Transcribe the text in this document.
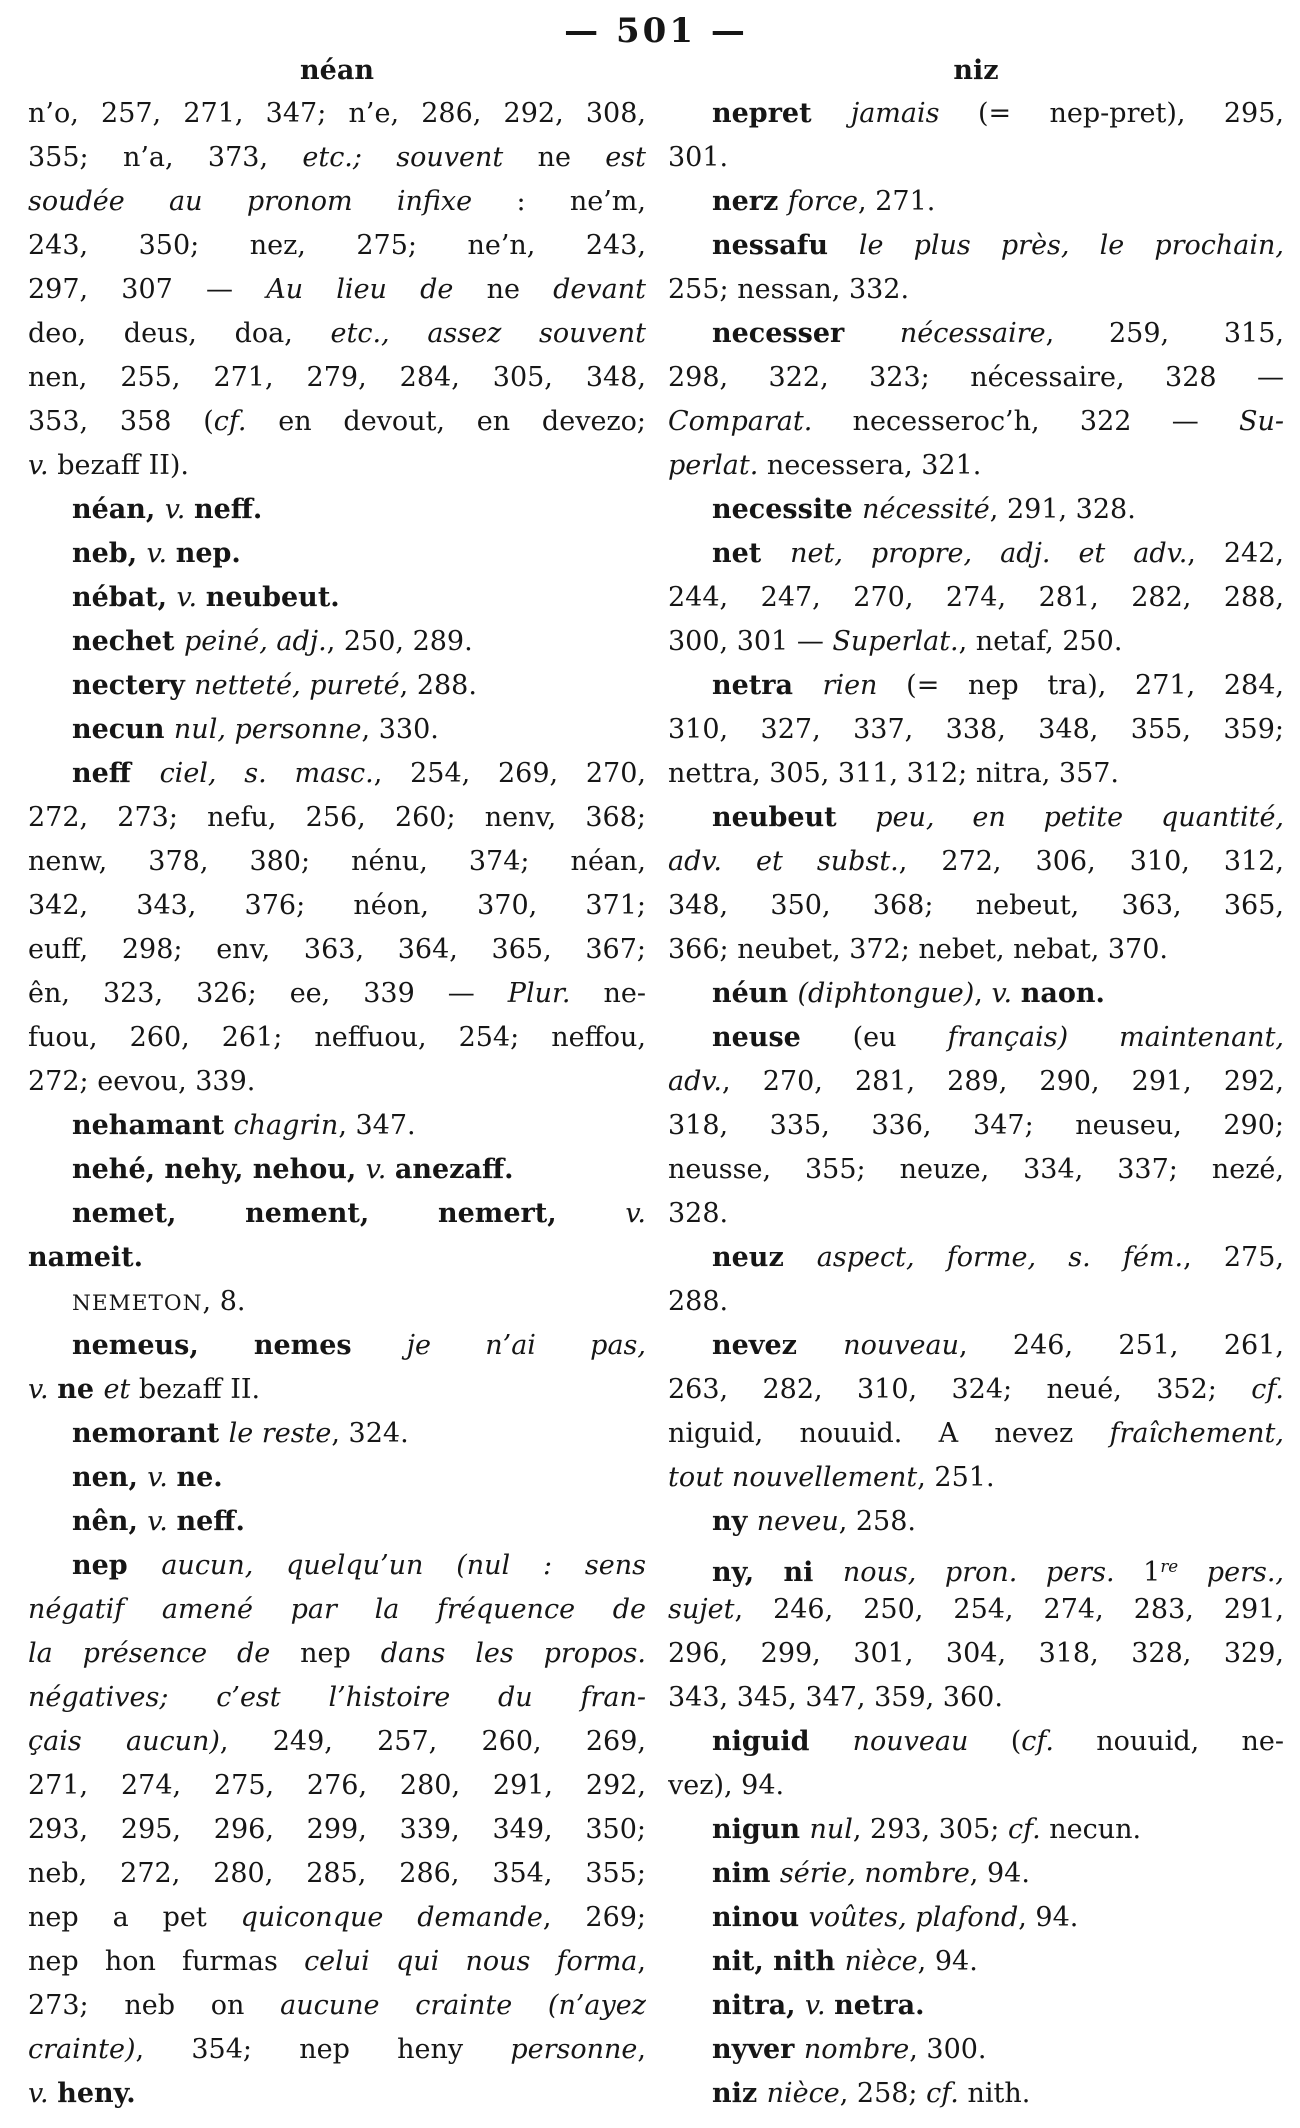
— 501 —
néan
n’o, 257, 271, 347; n’e, 286, 292, 308,
355; n’a, 373, etc.; souvent ne est
soudée au pronom infixe : ne’m,
243, 350; nez, 275; ne’n, 243,
297, 307 — Au lieu de ne devant
deo, deus, doa, etc., assez souvent
nen, 255, 271, 279, 284, 305, 348,
353, 358 (cf. en devout, en devezo;
v. bezaff II).
néan, v. neff.
neb, v. nep.
nébat, v. neubeut.
nechet peiné, adj., 250, 289.
nectery netteté, pureté, 288.
necun nul, personne, 330.
neff ciel, s. masc., 254, 269, 270,
272, 273; nefu, 256, 260; nenv, 368;
nenw, 378, 380; nénu, 374; néan,
342, 343, 376; néon, 370, 371;
euff, 298; env, 363, 364, 365, 367;
ên, 323, 326; ee, 339 — Plur. ne-
fuou, 260, 261; neffuou, 254; neffou,
272; eevou, 339.
nehamant chagrin, 347.
nehé, nehy, nehou, v. anezaff.
nemet, nement, nemert, v.
nameit.
NEMETON, 8.
nemeus, nemes je n’ai pas,
v. ne et bezaff II.
nemorant le reste, 324.
nen, v. ne.
nên, v. neff.
nep aucun, quelqu’un (nul : sens
négatif amené par la fréquence de
la présence de nep dans les propos.
négatives; c’est l’histoire du fran-
çais aucun), 249, 257, 260, 269,
271, 274, 275, 276, 280, 291, 292,
293, 295, 296, 299, 339, 349, 350;
neb, 272, 280, 285, 286, 354, 355;
nep a pet quiconque demande, 269;
nep hon furmas celui qui nous forma,
273; neb on aucune crainte (n’ayez
crainte), 354; nep heny personne,
v. heny.
niz
nepret jamais (= nep-pret), 295,
301.
nerz force, 271.
nessafu le plus près, le prochain,
255; nessan, 332.
necesser nécessaire, 259, 315,
298, 322, 323; nécessaire, 328 —
Comparat. necesseroc’h, 322 — Su-
perlat. necessera, 321.
necessite nécessité, 291, 328.
net net, propre, adj. et adv., 242,
244, 247, 270, 274, 281, 282, 288,
300, 301 — Superlat., netaf, 250.
netra rien (= nep tra), 271, 284,
310, 327, 337, 338, 348, 355, 359;
nettra, 305, 311, 312; nitra, 357.
neubeut peu, en petite quantité,
adv. et subst., 272, 306, 310, 312,
348, 350, 368; nebeut, 363, 365,
366; neubet, 372; nebet, nebat, 370.
néun (diphtongue), v. naon.
neuse (eu français) maintenant,
adv., 270, 281, 289, 290, 291, 292,
318, 335, 336, 347; neuseu, 290;
neusse, 355; neuze, 334, 337; nezé,
328.
neuz aspect, forme, s. fém., 275,
288.
nevez nouveau, 246, 251, 261,
263, 282, 310, 324; neué, 352; cf.
niguid, nouuid. A nevez fraîchement,
tout nouvellement, 251.
ny neveu, 258.
ny, ni nous, pron. pers. 1re pers.,
sujet, 246, 250, 254, 274, 283, 291,
296, 299, 301, 304, 318, 328, 329,
343, 345, 347, 359, 360.
niguid nouveau (cf. nouuid, ne-
vez), 94.
nigun nul, 293, 305; cf. necun.
nim série, nombre, 94.
ninou voûtes, plafond, 94.
nit, nith nièce, 94.
nitra, v. netra.
nyver nombre, 300.
niz nièce, 258; cf. nith.
